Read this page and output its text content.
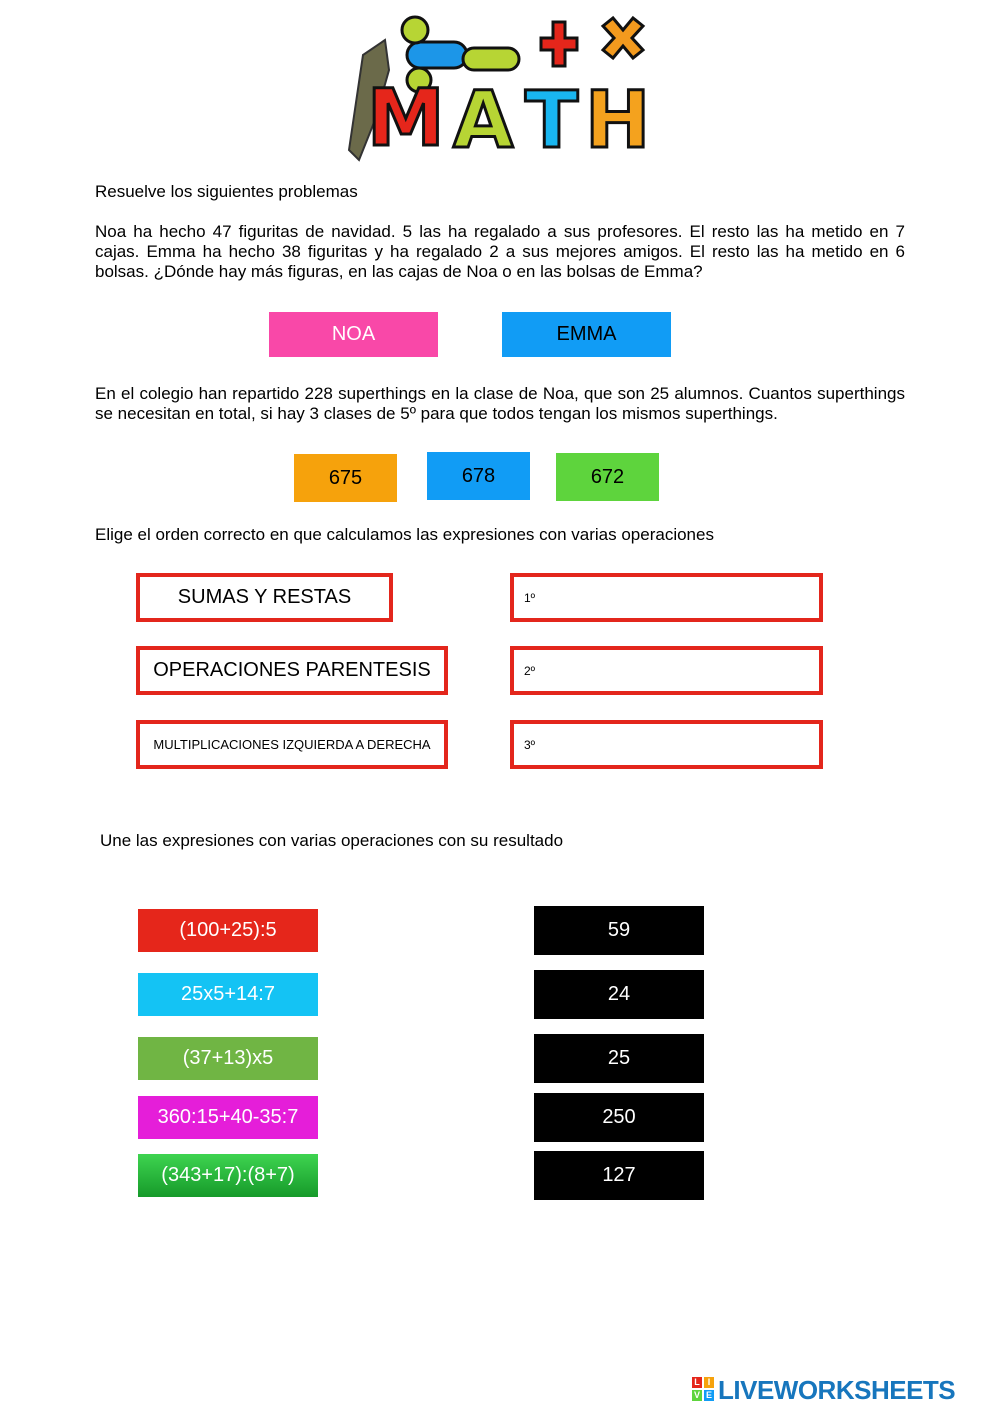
M A T H
Resuelve los siguientes problemas
Noa ha hecho 47 figuritas de navidad. 5 las ha regalado a sus profesores. El resto las ha metido en 7 cajas. Emma ha hecho 38 figuritas y ha regalado 2 a sus mejores amigos. El resto las ha metido en 6 bolsas. ¿Dónde hay más figuras, en las cajas de Noa o en las bolsas de Emma?
NOA	EMMA
En el colegio han repartido 228 superthings en la clase de Noa, que son 25 alumnos. Cuantos superthings se necesitan en total, si hay 3 clases de 5º para que todos tengan los mismos superthings.
675	678	672
Elige el orden correcto en que calculamos las expresiones con varias operaciones
SUMAS Y RESTAS
OPERACIONES PARENTESIS
MULTIPLICACIONES IZQUIERDA A DERECHA
1º
2º
3º
Une las expresiones con varias operaciones con su resultado
(100+25):5
25x5+14:7
(37+13)x5
360:15+40-35:7
(343+17):(8+7)
59
24
25
250
127
L I
V E LIVEWORKSHEETS
